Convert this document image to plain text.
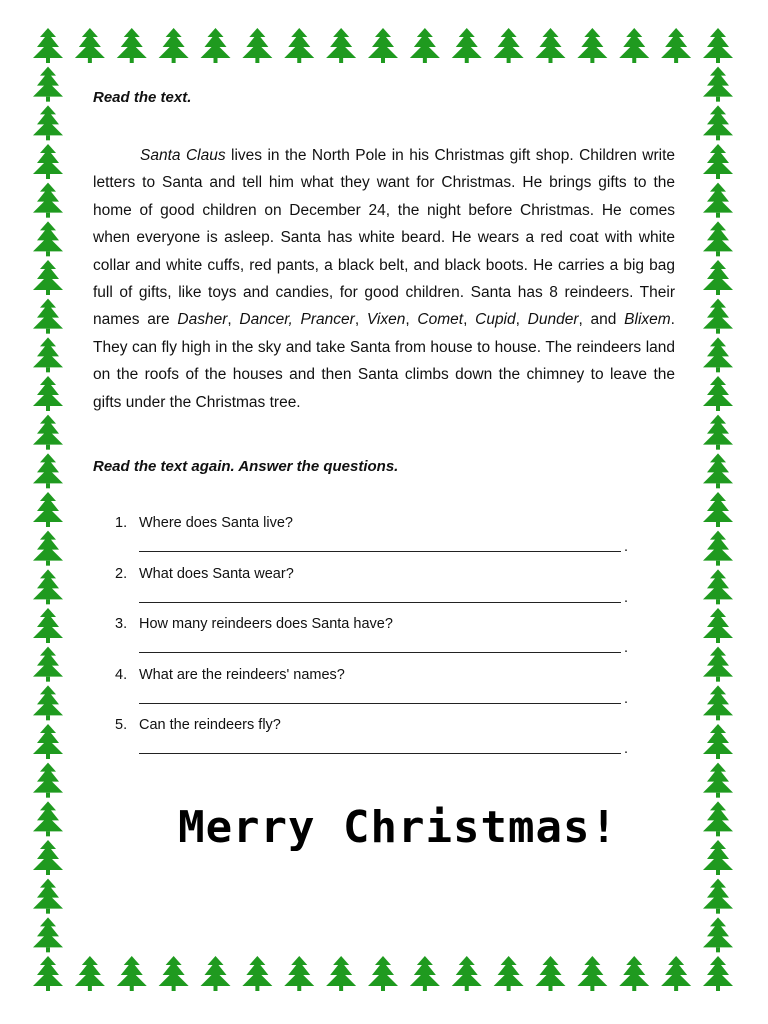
Read the text.

Santa Claus lives in the North Pole in his Christmas gift shop. Children write letters to Santa and tell him what they want for Christmas. He brings gifts to the home of good children on December 24, the night before Christmas. He comes when everyone is asleep. Santa has white beard. He wears a red coat with white collar and white cuffs, red pants, a black belt, and black boots. He carries a big bag full of gifts, like toys and candies, for good children. Santa has 8 reindeers. Their names are Dasher, Dancer, Prancer, Vixen, Comet, Cupid, Dunder, and Blixem. They can fly high in the sky and take Santa from house to house. The reindeers land on the roofs of the houses and then Santa climbs down the chimney to leave the gifts under the Christmas tree.

Read the text again. Answer the questions.

1. Where does Santa live?
.
2. What does Santa wear?
.
3. How many reindeers does Santa have?
.
4. What are the reindeers' names?
.
5. Can the reindeers fly?
.
Merry Christmas!
